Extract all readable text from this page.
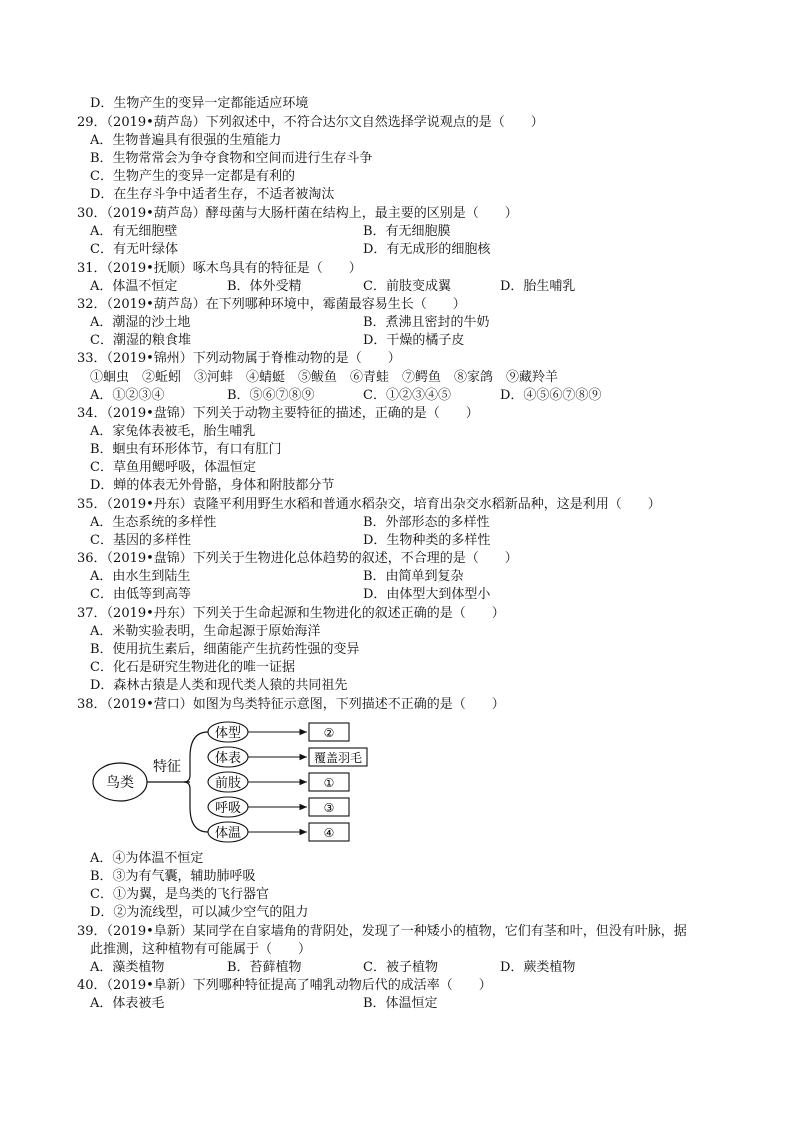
D．生物产生的变异一定都能适应环境
29．（2019•葫芦岛）下列叙述中，不符合达尔文自然选择学说观点的是（　　）
A．生物普遍具有很强的生殖能力
B．生物常常会为争夺食物和空间而进行生存斗争
C．生物产生的变异一定都是有利的
D．在生存斗争中适者生存，不适者被淘汰
30．（2019•葫芦岛）酵母菌与大肠杆菌在结构上，最主要的区别是（　　）
A．有无细胞壁	B．有无细胞膜
C．有无叶绿体	D．有无成形的细胞核
31．（2019•抚顺）啄木鸟具有的特征是（　　）
A．体温不恒定	B．体外受精	C．前肢变成翼	D．胎生哺乳
32．（2019•葫芦岛）在下列哪种环境中，霉菌最容易生长（　　）
A．潮湿的沙土地	B．煮沸且密封的牛奶
C．潮湿的粮食堆	D．干燥的橘子皮
33．（2019•锦州）下列动物属于脊椎动物的是（　　）
①蛔虫　②蚯蚓　③河蚌　④蜻蜓　⑤鲅鱼　⑥青蛙　⑦鳄鱼　⑧家鸽　⑨藏羚羊
A．①②③④	B．⑤⑥⑦⑧⑨	C．①②③④⑤	D．④⑤⑥⑦⑧⑨
34．（2019•盘锦）下列关于动物主要特征的描述，正确的是（　　）
A．家兔体表被毛，胎生哺乳
B．蛔虫有环形体节，有口有肛门
C．草鱼用鳃呼吸，体温恒定
D．蝉的体表无外骨骼，身体和附肢都分节
35．（2019•丹东）袁隆平利用野生水稻和普通水稻杂交，培育出杂交水稻新品种，这是利用（　　）
A．生态系统的多样性	B．外部形态的多样性
C．基因的多样性	D．生物种类的多样性
36．（2019•盘锦）下列关于生物进化总体趋势的叙述，不合理的是（　　）
A．由水生到陆生	B．由简单到复杂
C．由低等到高等	D．由体型大到体型小
37．（2019•丹东）下列关于生命起源和生物进化的叙述正确的是（　　）
A．米勒实验表明，生命起源于原始海洋
B．使用抗生素后，细菌能产生抗药性强的变异
C．化石是研究生物进化的唯一证据
D．森林古猿是人类和现代类人猿的共同祖先
38．（2019•营口）如图为鸟类特征示意图，下列描述不正确的是（　　）
鸟类
特征
体型	②
体表	覆盖羽毛
前肢	①
呼吸	③
体温	④
A．④为体温不恒定
B．③为有气囊，辅助肺呼吸
C．①为翼，是鸟类的飞行器官
D．②为流线型，可以减少空气的阻力
39．（2019•阜新）某同学在自家墙角的背阴处，发现了一种矮小的植物，它们有茎和叶，但没有叶脉，据
此推测，这种植物有可能属于（　　）
A．藻类植物	B．苔藓植物	C．被子植物	D．蕨类植物
40．（2019•阜新）下列哪种特征提高了哺乳动物后代的成活率（　　）
A．体表被毛	B．体温恒定
